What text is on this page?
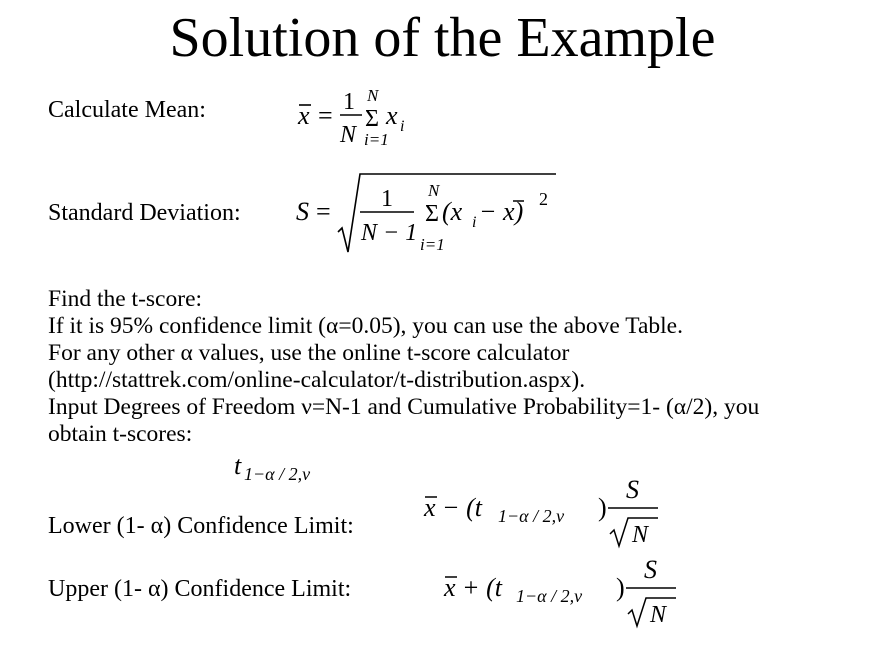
Solution of the Example
Calculate Mean:	x = 1
N
N
Σ
i=1
x i
Standard Deviation: S = 1
N − 1
N
Σ
i=1
(x i − x) 2
Find the t-score:
If it is 95% confidence limit (α=0.05), you can use the above Table.
For any other α values, use the online t-score calculator
(http://stattrek.com/online-calculator/t-distribution.aspx).
Input Degrees of Freedom ν=N-1 and Cumulative Probability=1- (α/2), you
obtain t-scores:
t 1−α / 2,ν
Lower (1- α) Confidence Limit:
x − (t 1−α / 2,ν )
S
N
Upper (1- α) Confidence Limit:	x + (t 1−α / 2,ν )
S
N
